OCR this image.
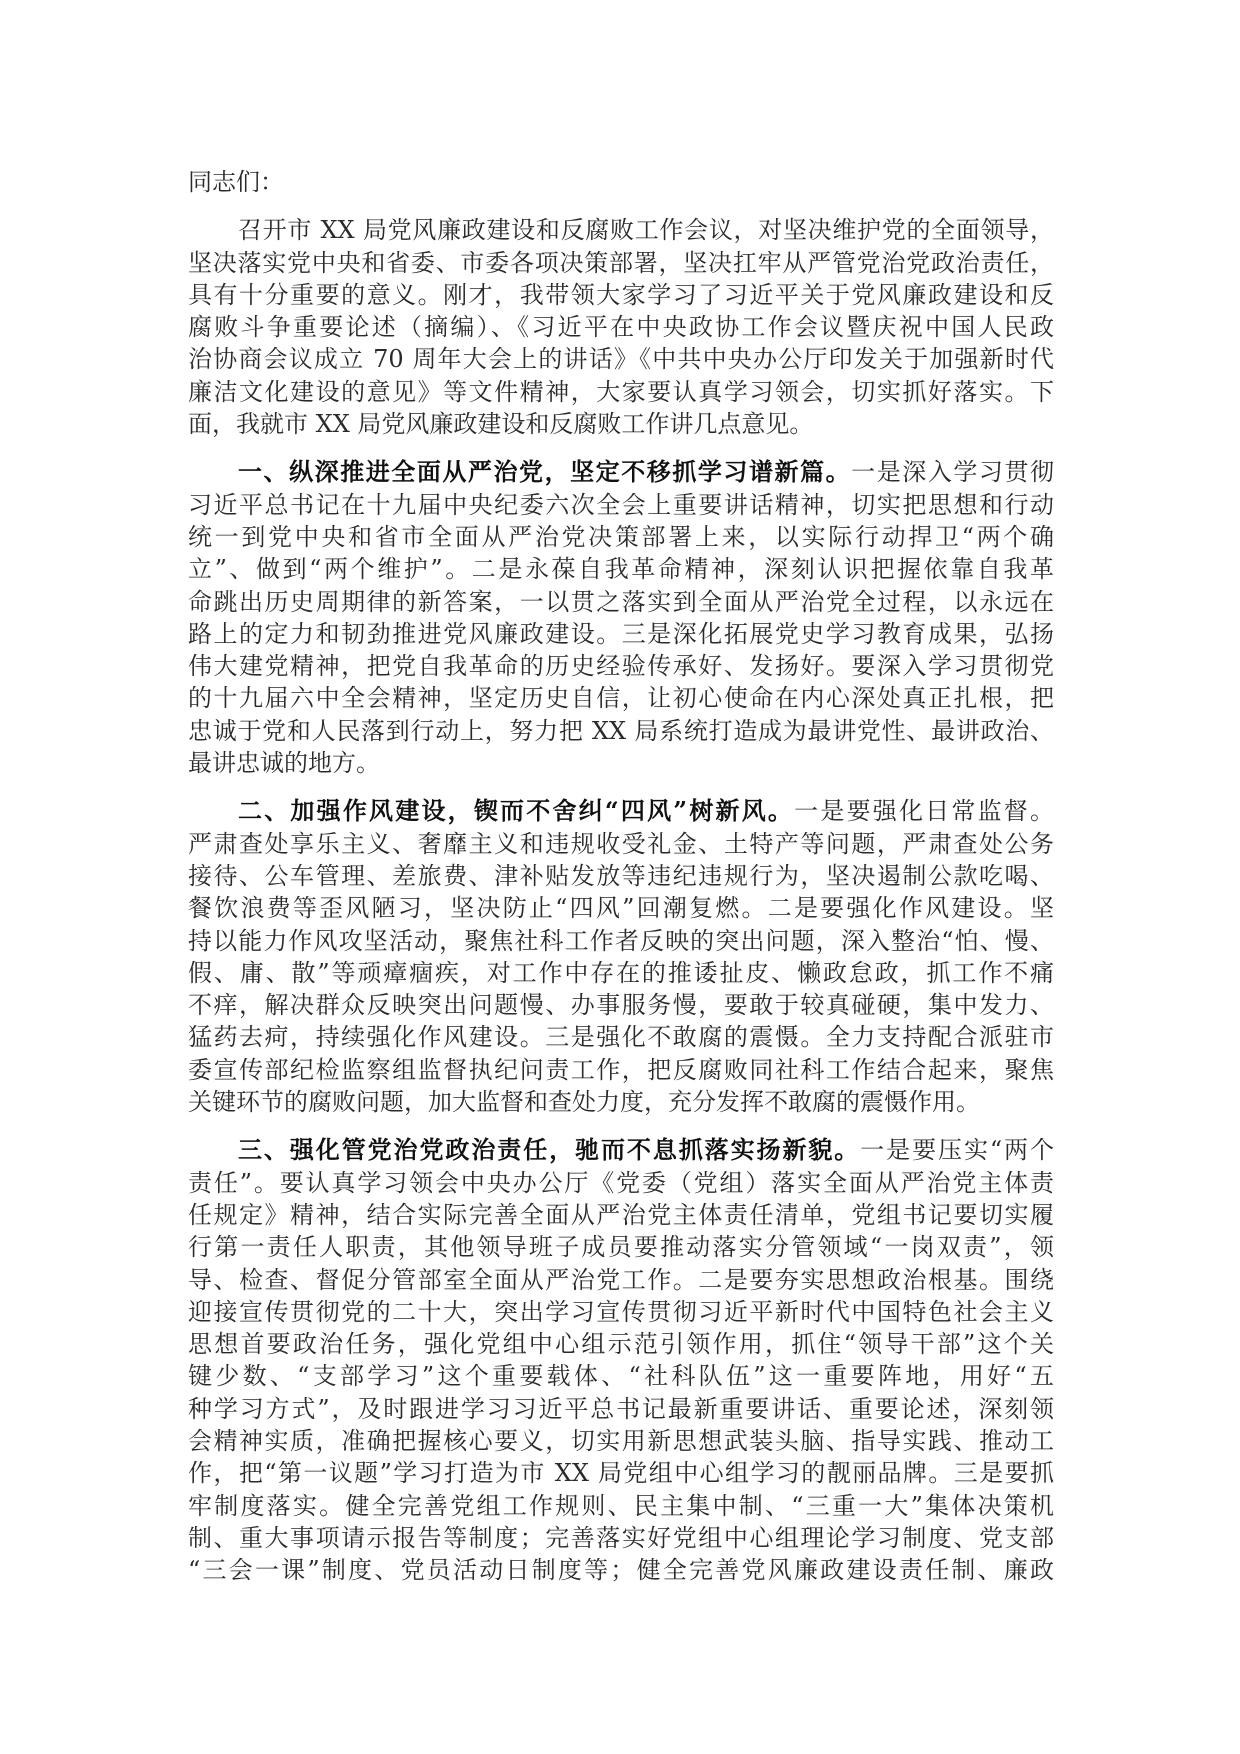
同志们：
召开市 XX 局党风廉政建设和反腐败工作会议，对坚决维护党的全面领导，
坚决落实党中央和省委、市委各项决策部署，坚决扛牢从严管党治党政治责任，
具有十分重要的意义。刚才，我带领大家学习了习近平关于党风廉政建设和反
腐败斗争重要论述（摘编）、《习近平在中央政协工作会议暨庆祝中国人民政
治协商会议成立 70 周年大会上的讲话》《中共中央办公厅印发关于加强新时代
廉洁文化建设的意见》等文件精神，大家要认真学习领会，切实抓好落实。下
面，我就市 XX 局党风廉政建设和反腐败工作讲几点意见。
一、纵深推进全面从严治党，坚定不移抓学习谱新篇。一是深入学习贯彻
习近平总书记在十九届中央纪委六次全会上重要讲话精神，切实把思想和行动
统一到党中央和省市全面从严治党决策部署上来，以实际行动捍卫“两个确
立”、做到“两个维护”。二是永葆自我革命精神，深刻认识把握依靠自我革
命跳出历史周期律的新答案，一以贯之落实到全面从严治党全过程，以永远在
路上的定力和韧劲推进党风廉政建设。三是深化拓展党史学习教育成果，弘扬
伟大建党精神，把党自我革命的历史经验传承好、发扬好。要深入学习贯彻党
的十九届六中全会精神，坚定历史自信，让初心使命在内心深处真正扎根，把
忠诚于党和人民落到行动上，努力把 XX 局系统打造成为最讲党性、最讲政治、
最讲忠诚的地方。
二、加强作风建设，锲而不舍纠“四风”树新风。一是要强化日常监督。
严肃查处享乐主义、奢靡主义和违规收受礼金、土特产等问题，严肃查处公务
接待、公车管理、差旅费、津补贴发放等违纪违规行为，坚决遏制公款吃喝、
餐饮浪费等歪风陋习，坚决防止“四风”回潮复燃。二是要强化作风建设。坚
持以能力作风攻坚活动，聚焦社科工作者反映的突出问题，深入整治“怕、慢、
假、庸、散”等顽瘴痼疾，对工作中存在的推诿扯皮、懒政怠政，抓工作不痛
不痒，解决群众反映突出问题慢、办事服务慢，要敢于较真碰硬，集中发力、
猛药去疴，持续强化作风建设。三是强化不敢腐的震慑。全力支持配合派驻市
委宣传部纪检监察组监督执纪问责工作，把反腐败同社科工作结合起来，聚焦
关键环节的腐败问题，加大监督和查处力度，充分发挥不敢腐的震慑作用。
三、强化管党治党政治责任，驰而不息抓落实扬新貌。一是要压实“两个
责任”。要认真学习领会中央办公厅《党委（党组）落实全面从严治党主体责
任规定》精神，结合实际完善全面从严治党主体责任清单，党组书记要切实履
行第一责任人职责，其他领导班子成员要推动落实分管领域“一岗双责”，领
导、检查、督促分管部室全面从严治党工作。二是要夯实思想政治根基。围绕
迎接宣传贯彻党的二十大，突出学习宣传贯彻习近平新时代中国特色社会主义
思想首要政治任务，强化党组中心组示范引领作用，抓住“领导干部”这个关
键少数、“支部学习”这个重要载体、“社科队伍”这一重要阵地，用好“五
种学习方式”，及时跟进学习习近平总书记最新重要讲话、重要论述，深刻领
会精神实质，准确把握核心要义，切实用新思想武装头脑、指导实践、推动工
作，把“第一议题”学习打造为市 XX 局党组中心组学习的靓丽品牌。三是要抓
牢制度落实。健全完善党组工作规则、民主集中制、“三重一大”集体决策机
制、重大事项请示报告等制度；完善落实好党组中心组理论学习制度、党支部
“三会一课”制度、党员活动日制度等；健全完善党风廉政建设责任制、廉政
